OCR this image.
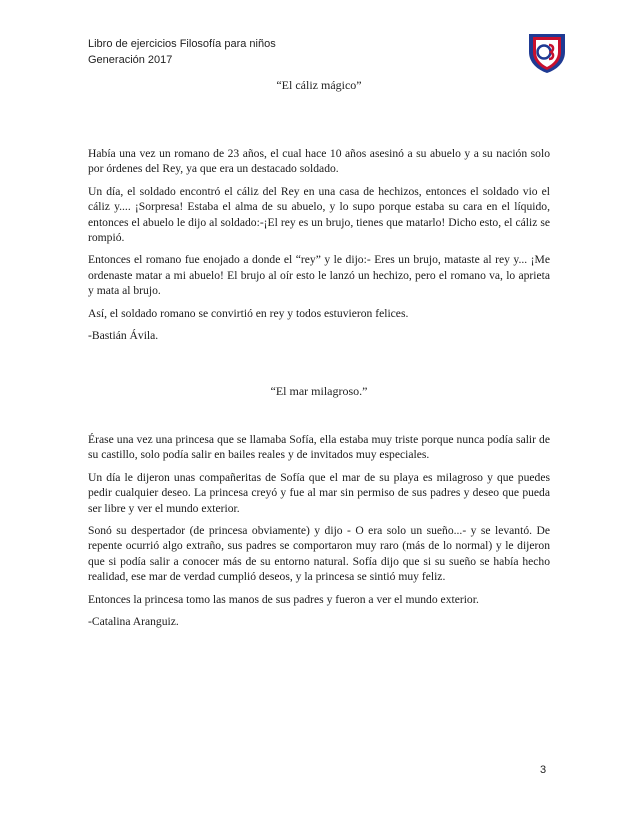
Libro de ejercicios Filosofía para niños
Generación 2017
“El cáliz mágico”

Había una vez un romano de 23 años, el cual hace 10 años asesinó a su abuelo y a su nación solo por órdenes del Rey, ya que era un destacado soldado.

Un día, el soldado encontró el cáliz del Rey en una casa de hechizos, entonces el soldado vio el cáliz y.... ¡Sorpresa! Estaba el alma de su abuelo, y lo supo porque estaba su cara en el líquido, entonces el abuelo le dijo al soldado:-¡El rey es un brujo, tienes que matarlo! Dicho esto, el cáliz se rompió.

Entonces el romano fue enojado a donde el “rey” y le dijo:- Eres un brujo, mataste al rey y... ¡Me ordenaste matar a mi abuelo! El brujo al oír esto le lanzó un hechizo, pero el romano va, lo aprieta y mata al brujo.

Así, el soldado romano se convirtió en rey y todos estuvieron felices.

-Bastián Ávila.

“El mar milagroso.”

Érase una vez una princesa que se llamaba Sofía, ella estaba muy triste porque nunca podía salir de su castillo, solo podía salir en bailes reales y de invitados muy especiales.

Un día le dijeron unas compañeritas de Sofía que el mar de su playa es milagroso y que puedes pedir cualquier deseo. La princesa creyó y fue al mar sin permiso de sus padres y deseo que pueda ser libre y ver el mundo exterior.

Sonó su despertador (de princesa obviamente) y dijo - O era solo un sueño...- y se levantó. De repente ocurrió algo extraño, sus padres se comportaron muy raro (más de lo normal) y le dijeron que si podía salir a conocer más de su entorno natural. Sofía dijo que si su sueño se había hecho realidad, ese mar de verdad cumplió deseos, y la princesa se sintió muy feliz.

Entonces la princesa tomo las manos de sus padres y fueron a ver el mundo exterior.

-Catalina Aranguiz.

3
